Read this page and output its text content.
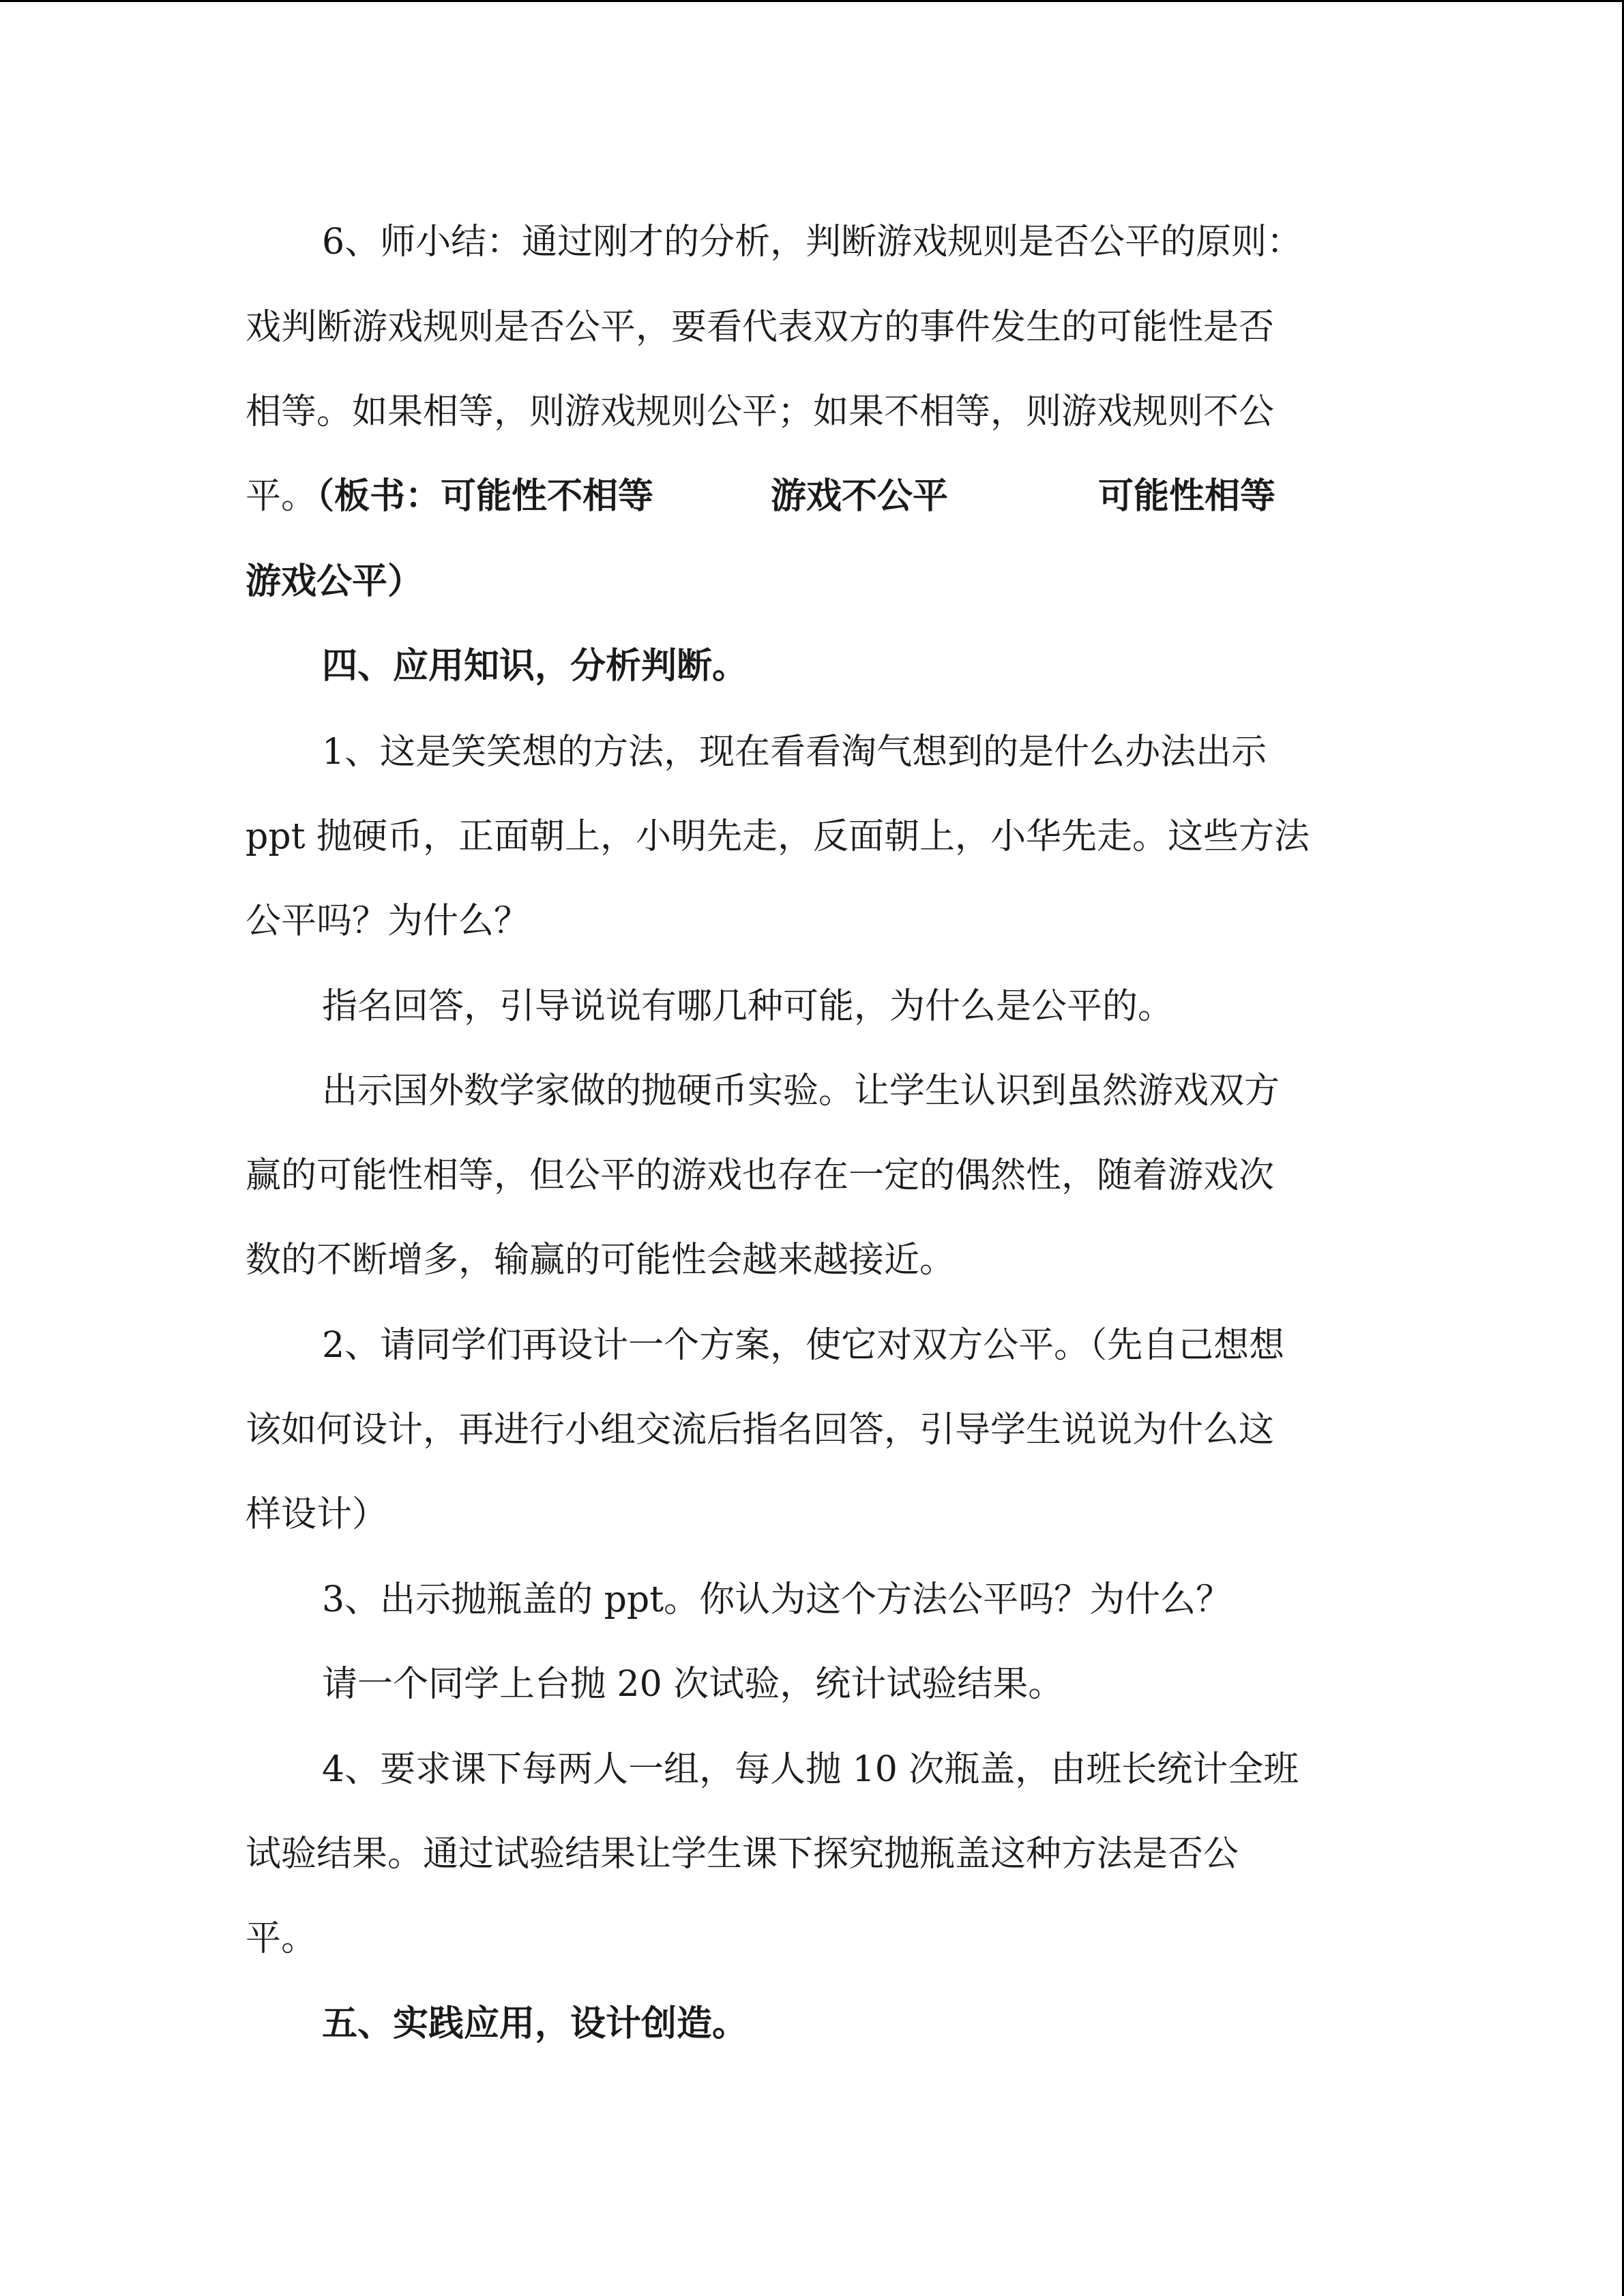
6、师小结：通过刚才的分析，判断游戏规则是否公平的原则：
戏判断游戏规则是否公平，要看代表双方的事件发生的可能性是否
相等。如果相等，则游戏规则公平；如果不相等，则游戏规则不公
平。（板书：可能性不相等	游戏不公平	可能性相等
游戏公平）
四、应用知识，分析判断。
1、这是笑笑想的方法，现在看看淘气想到的是什么办法出示
ppt 抛硬币，正面朝上，小明先走，反面朝上，小华先走。这些方法
公平吗？为什么？
指名回答，引导说说有哪几种可能，为什么是公平的。
出示国外数学家做的抛硬币实验。让学生认识到虽然游戏双方
赢的可能性相等，但公平的游戏也存在一定的偶然性，随着游戏次
数的不断增多，输赢的可能性会越来越接近。
2、请同学们再设计一个方案，使它对双方公平。（先自己想想
该如何设计，再进行小组交流后指名回答，引导学生说说为什么这
样设计）
3、出示抛瓶盖的 ppt。你认为这个方法公平吗？为什么？
请一个同学上台抛 20 次试验，统计试验结果。
4、要求课下每两人一组，每人抛 10 次瓶盖，由班长统计全班
试验结果。通过试验结果让学生课下探究抛瓶盖这种方法是否公
平。
五、实践应用，设计创造。
